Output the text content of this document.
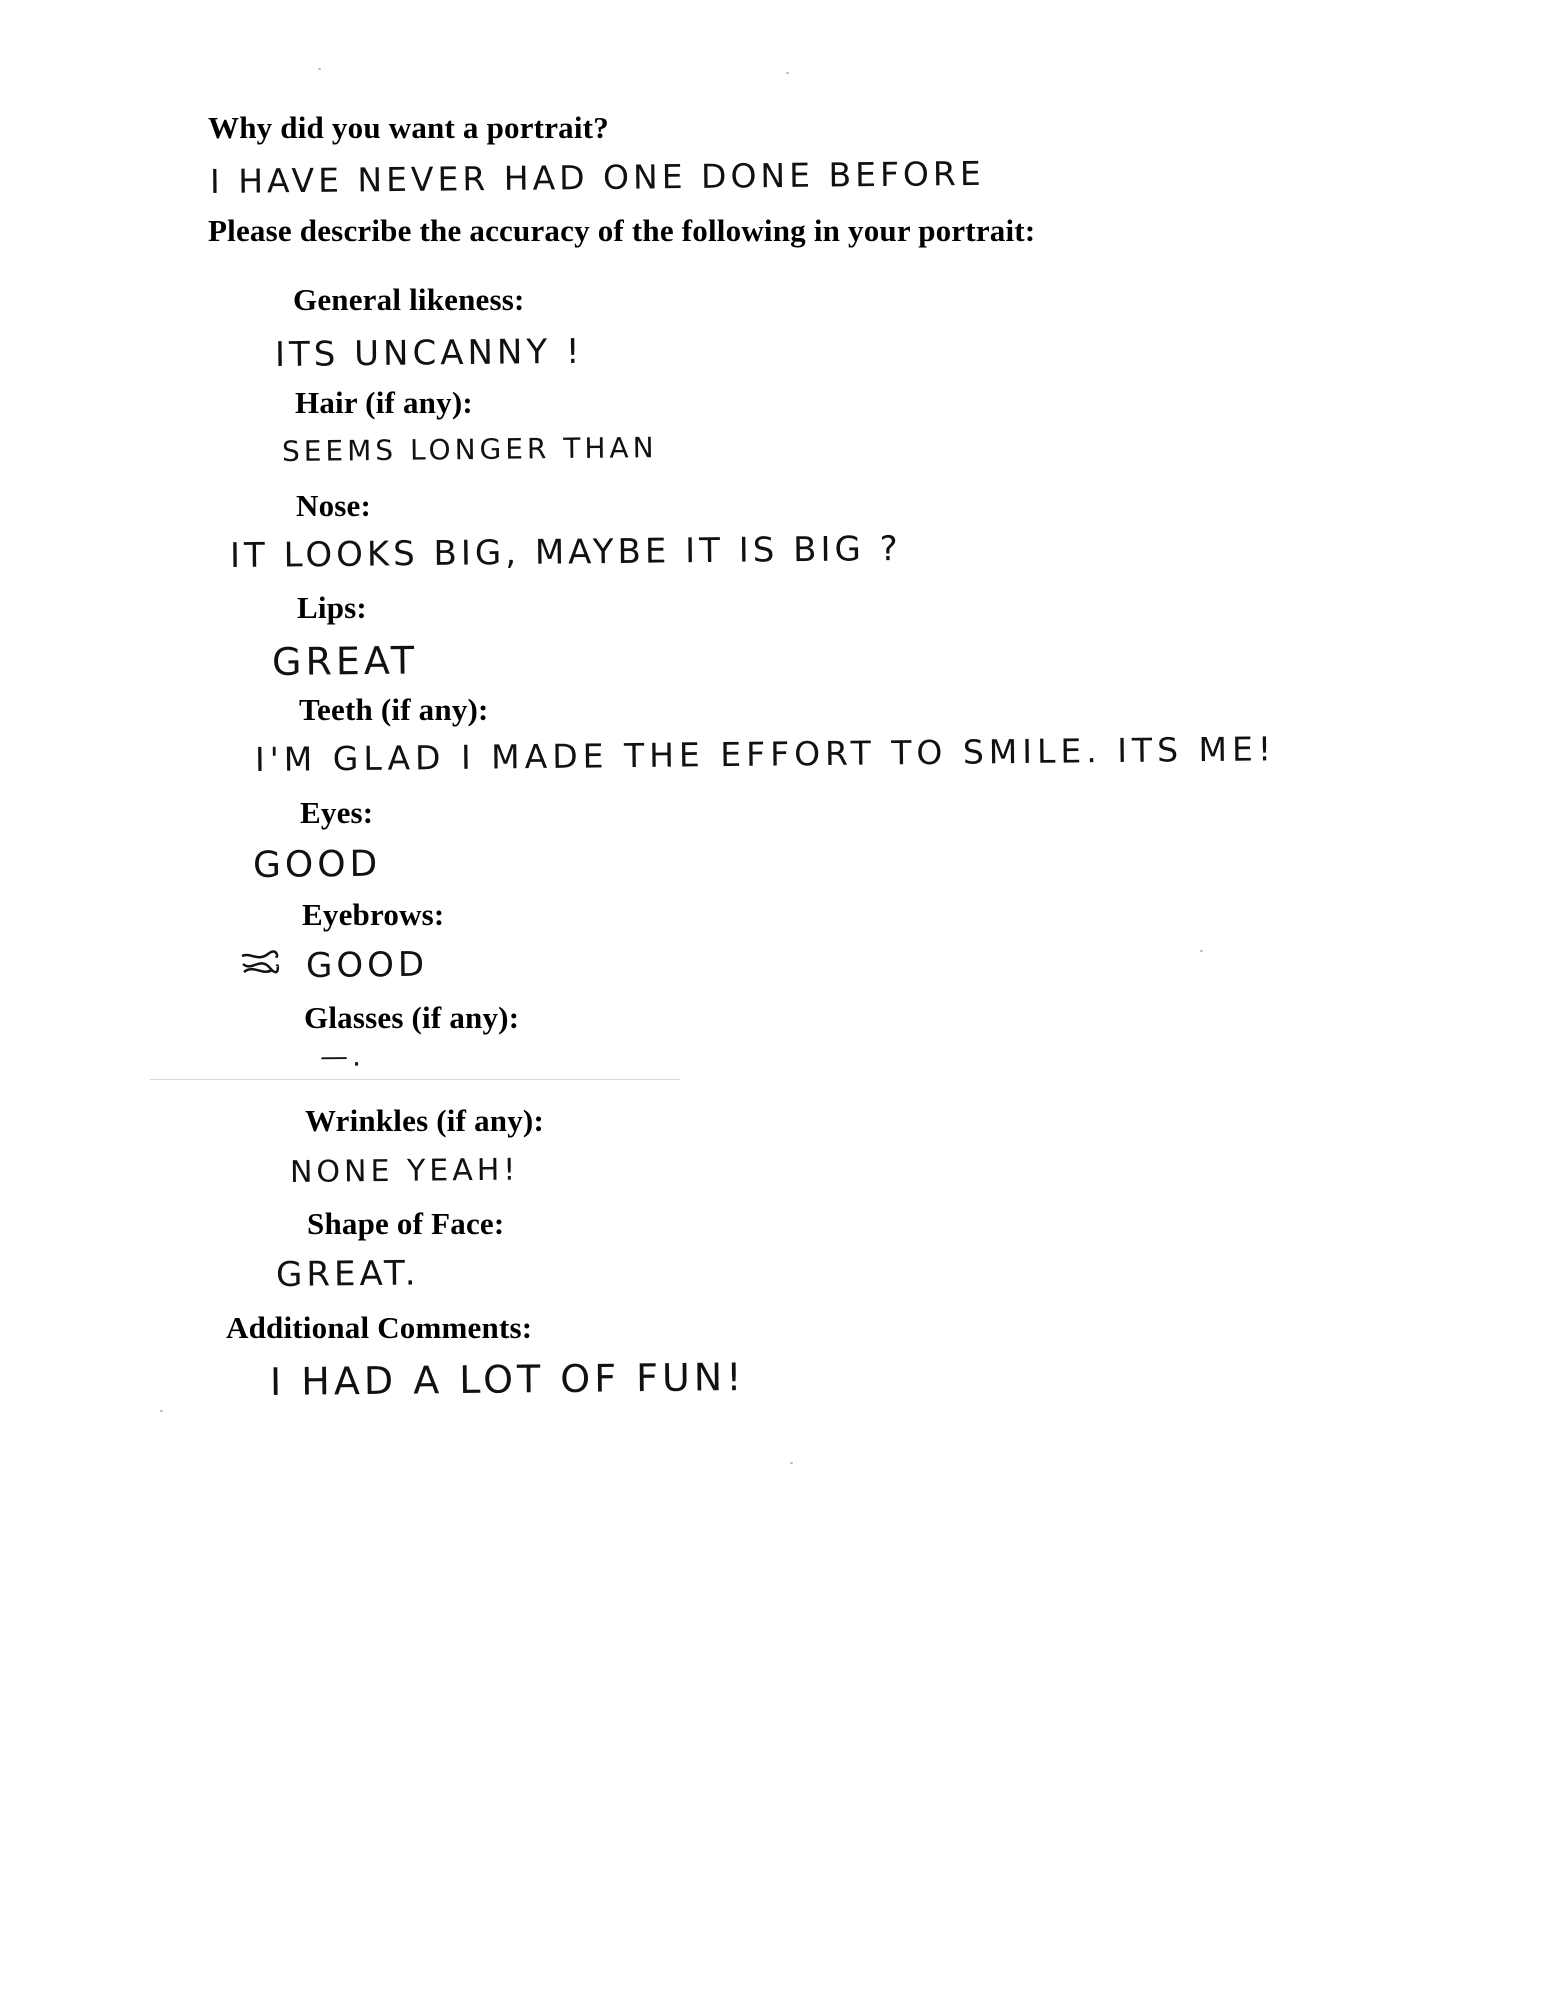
Why did you want a portrait?
I HAVE NEVER HAD ONE DONE BEFORE
Please describe the accuracy of the following in your portrait:
General likeness:
ITS UNCANNY !
Hair (if any):
SEEMS LONGER THAN
Nose:
IT LOOKS BIG, MAYBE IT IS BIG ?
Lips:
GREAT
Teeth (if any):
I'M GLAD I MADE THE EFFORT TO SMILE. ITS ME!
Eyes:
GOOD
Eyebrows:
GOOD
Glasses (if any):
—.
Wrinkles (if any):
NONE YEAH!
Shape of Face:
GREAT.
Additional Comments:
I HAD A LOT OF FUN!
